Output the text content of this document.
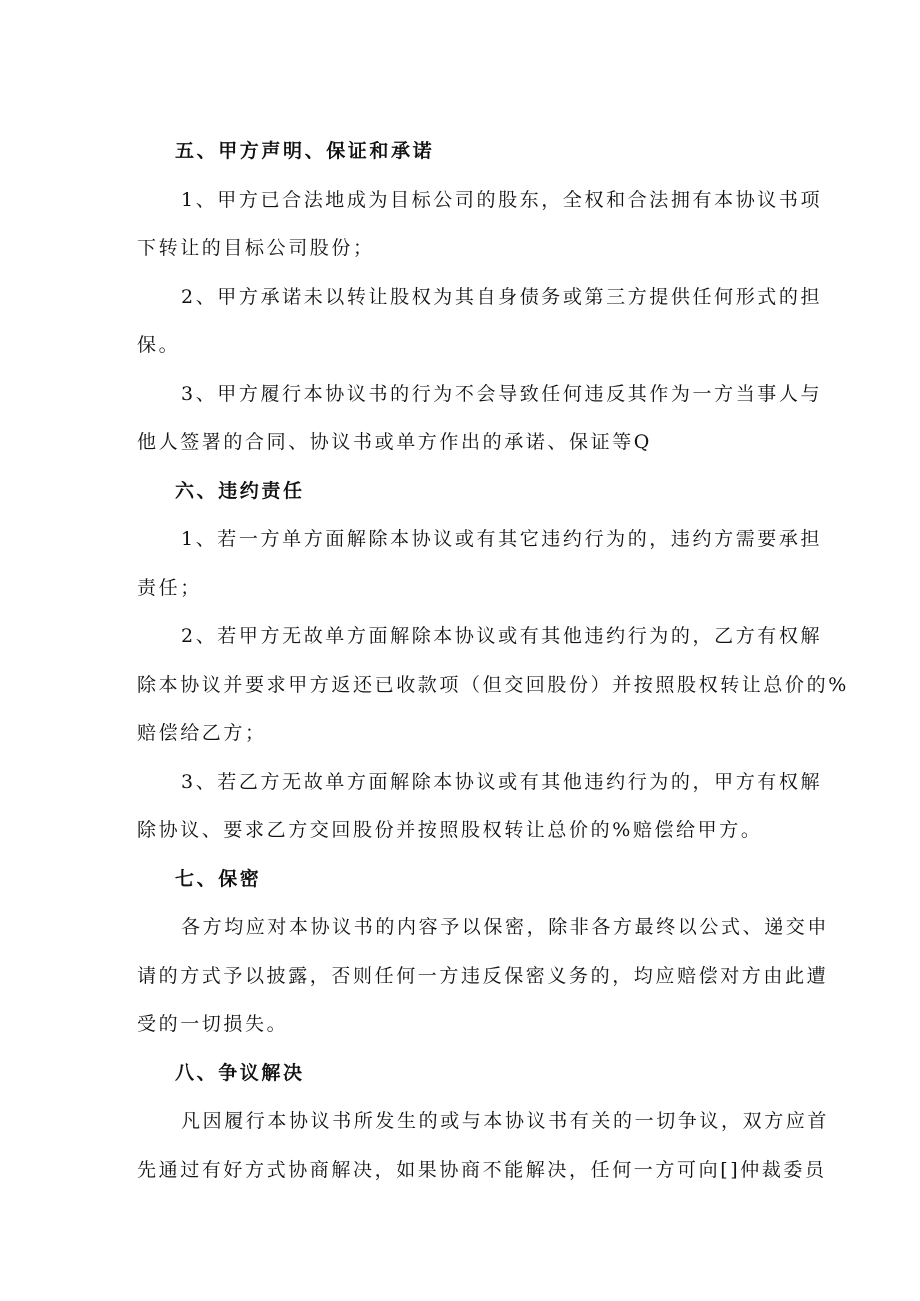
五、甲方声明、保证和承诺

1、甲方已合法地成为目标公司的股东，全权和合法拥有本协议书项
下转让的目标公司股份；

2、甲方承诺未以转让股权为其自身债务或第三方提供任何形式的担
保。

3、甲方履行本协议书的行为不会导致任何违反其作为一方当事人与
他人签署的合同、协议书或单方作出的承诺、保证等Q

六、违约责任

1、若一方单方面解除本协议或有其它违约行为的，违约方需要承担
责任；

2、若甲方无故单方面解除本协议或有其他违约行为的，乙方有权解
除本协议并要求甲方返还已收款项（但交回股份）并按照股权转让总价的%
赔偿给乙方；

3、若乙方无故单方面解除本协议或有其他违约行为的，甲方有权解
除协议、要求乙方交回股份并按照股权转让总价的%赔偿给甲方。

七、保密

各方均应对本协议书的内容予以保密，除非各方最终以公式、递交申
请的方式予以披露，否则任何一方违反保密义务的，均应赔偿对方由此遭
受的一切损失。

八、争议解决

凡因履行本协议书所发生的或与本协议书有关的一切争议，双方应首
先通过有好方式协商解决，如果协商不能解决，任何一方可向[]仲裁委员
